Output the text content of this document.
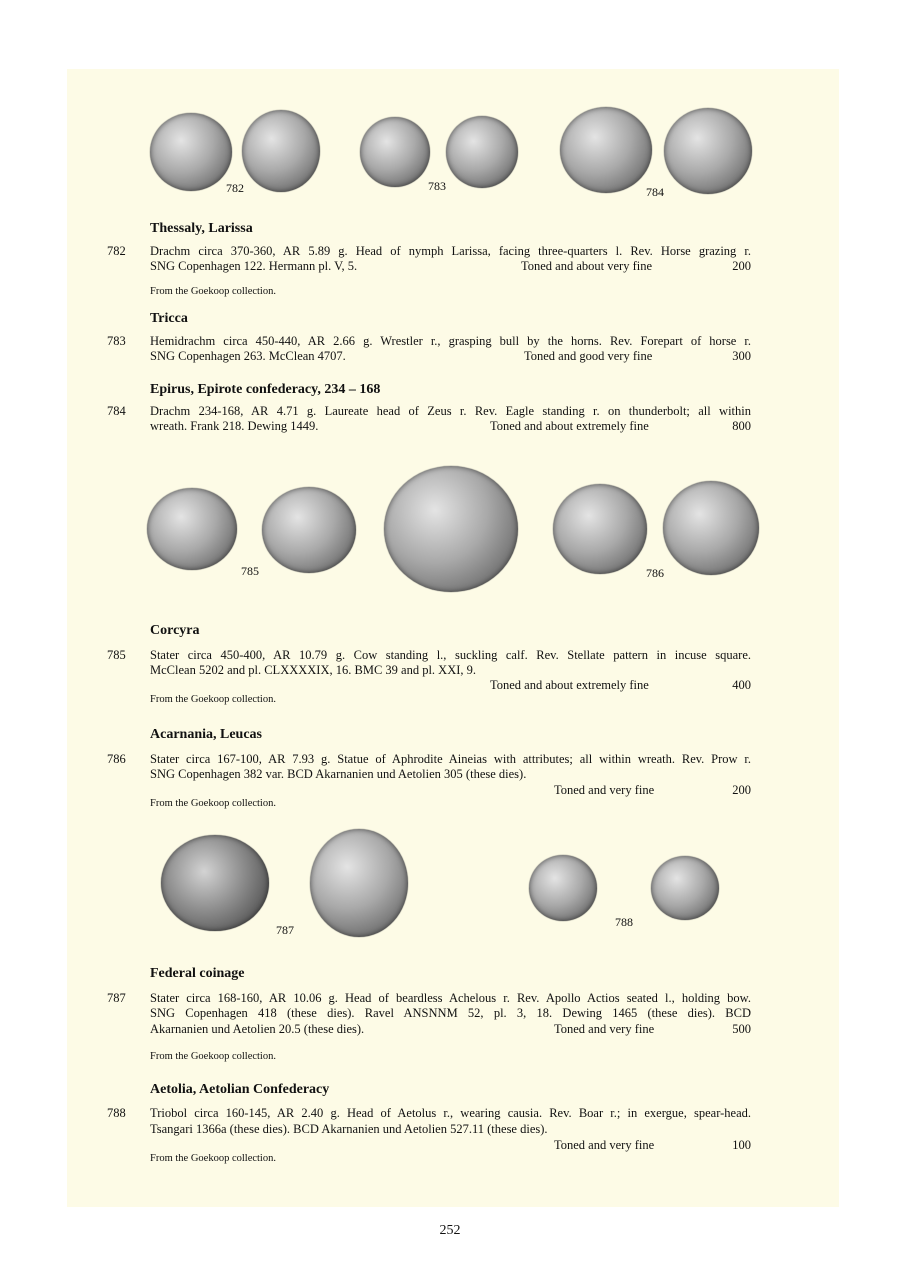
782	783	784
Thessaly, Larissa
782 Drachm circa 370-360, AR 5.89 g. Head of nymph Larissa, facing three-quarters l. Rev. Horse grazing r.
SNG Copenhagen 122. Hermann pl. V, 5.	Toned and about very fine	200
From the Goekoop collection.
Tricca
783 Hemidrachm circa 450-440, AR 2.66 g. Wrestler r., grasping bull by the horns. Rev. Forepart of horse r.
SNG Copenhagen 263. McClean 4707.	Toned and good very fine	300
Epirus, Epirote confederacy, 234 – 168
784 Drachm 234-168, AR 4.71 g. Laureate head of Zeus r. Rev. Eagle standing r. on thunderbolt; all within
wreath. Frank 218. Dewing 1449.	Toned and about extremely fine	800
785	786
Corcyra
785 Stater circa 450-400, AR 10.79 g. Cow standing l., suckling calf. Rev. Stellate pattern in incuse square.
McClean 5202 and pl. CLXXXXIX, 16. BMC 39 and pl. XXI, 9.
Toned and about extremely fine	400
From the Goekoop collection.
Acarnania, Leucas
786 Stater circa 167-100, AR 7.93 g. Statue of Aphrodite Aineias with attributes; all within wreath. Rev. Prow r.
SNG Copenhagen 382 var. BCD Akarnanien und Aetolien 305 (these dies).
Toned and very fine	200
From the Goekoop collection.
787
788
Federal coinage
787 Stater circa 168-160, AR 10.06 g. Head of beardless Achelous r. Rev. Apollo Actios seated l., holding bow.
SNG Copenhagen 418 (these dies). Ravel ANSNNM 52, pl. 3, 18. Dewing 1465 (these dies). BCD
Akarnanien und Aetolien 20.5 (these dies).	Toned and very fine	500
From the Goekoop collection.
Aetolia, Aetolian Confederacy
788 Triobol circa 160-145, AR 2.40 g. Head of Aetolus r., wearing causia. Rev. Boar r.; in exergue, spear-head.
Tsangari 1366a (these dies). BCD Akarnanien und Aetolien 527.11 (these dies).
Toned and very fine	100
From the Goekoop collection.
252
